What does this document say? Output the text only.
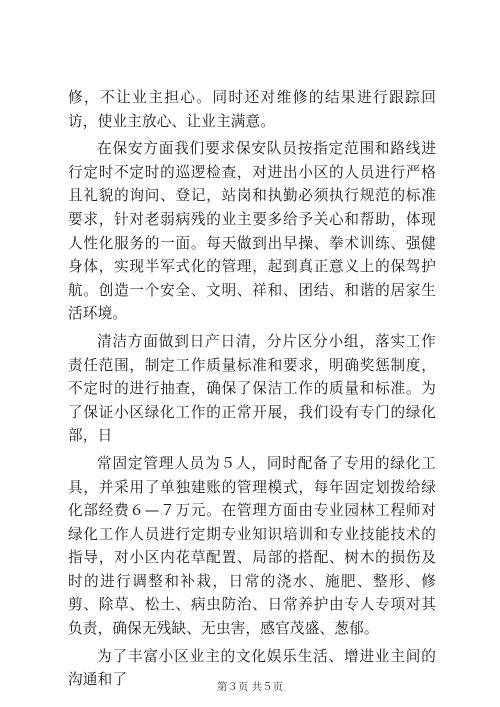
修，不让业主担心。同时还对维修的结果进行跟踪回访，使业主放心、让业主满意。

在保安方面我们要求保安队员按指定范围和路线进行定时不定时的巡逻检查，对进出小区的人员进行严格且礼貌的询问、登记，站岗和执勤必须执行规范的标准要求，针对老弱病残的业主要多给予关心和帮助，体现人性化服务的一面。每天做到出早操、拳术训练、强健身体，实现半军式化的管理，起到真正意义上的保驾护航。创造一个安全、文明、祥和、团结、和谐的居家生活环境。

清洁方面做到日产日清，分片区分小组，落实工作责任范围，制定工作质量标准和要求，明确奖惩制度，不定时的进行抽查，确保了保洁工作的质量和标准。为了保证小区绿化工作的正常开展，我们设有专门的绿化部，日

常固定管理人员为５人，同时配备了专用的绿化工具，并采用了单独建账的管理模式，每年固定划拨给绿化部经费６—７万元。在管理方面由专业园林工程师对绿化工作人员进行定期专业知识培训和专业技能技术的指导，对小区内花草配置、局部的搭配、树木的损伤及时的进行调整和补栽，日常的浇水、施肥、整形、修剪、除草、松土、病虫防治、日常养护由专人专项对其负责，确保无残缺、无虫害，感官茂盛、葱郁。

为了丰富小区业主的文化娱乐生活、增进业主间的沟通和了	第３页 共５页
